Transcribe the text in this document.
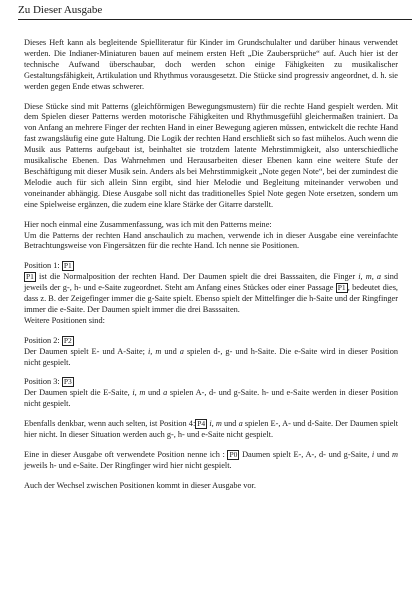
Zu Dieser Ausgabe

Dieses Heft kann als begleitende Spielliteratur für Kinder im Grundschulalter und darüber hinaus verwendet werden. Die Indianer-Miniaturen bauen auf meinem ersten Heft „Die Zaubersprüche“ auf. Auch hier ist der technische Aufwand überschaubar, doch werden schon einige Fähigkeiten zu musikalischer Gestaltungsfähigkeit, Artikulation und Rhythmus vorausgesetzt. Die Stücke sind progressiv angeordnet, d. h. sie werden gegen Ende etwas schwerer.

Diese Stücke sind mit Patterns (gleichförmigen Bewegungsmustern) für die rechte Hand gespielt werden. Mit dem Spielen dieser Patterns werden motorische Fähigkeiten und Rhythmusgefühl gleichermaßen trainiert. Da von Anfang an mehrere Finger der rechten Hand in einer Bewegung agieren müssen, entwickelt die rechte Hand fast zwangsläufig eine gute Haltung. Die Logik der rechten Hand erschließt sich so fast mühelos. Auch wenn die Musik aus Patterns aufgebaut ist, beinhaltet sie trotzdem latente Mehrstimmigkeit, also unterschiedliche musikalische Ebenen. Das Wahrnehmen und Herausarbeiten dieser Ebenen kann eine weitere Stufe der Beschäftigung mit dieser Musik sein. Anders als bei Mehrstimmigkeit „Note gegen Note“, bei der zumindest die Melodie auch für sich allein Sinn ergibt, sind hier Melodie und Begleitung miteinander verwoben und voneinander abhängig. Diese Ausgabe soll nicht das traditionelles Spiel Note gegen Note ersetzen, sondern um eine Spielweise ergänzen, die zudem eine klare Stärke der Gitarre darstellt.

Hier noch einmal eine Zusammenfassung, was ich mit den Patterns meine:
Um die Patterns der rechten Hand anschaulich zu machen, verwende ich in dieser Ausgabe eine vereinfachte Betrachtungsweise von Fingersätzen für die rechte Hand. Ich nenne sie Positionen.

Position 1: P1
P1 ist die Normalposition der rechten Hand. Der Daumen spielt die drei Basssaiten, die Finger i, m, a sind jeweils der g-, h- und e-Saite zugeordnet. Steht am Anfang eines Stückes oder einer Passage P1 , bedeutet dies, dass z. B. der Zeigefinger immer die g-Saite spielt. Ebenso spielt der Mittelfinger die h-Saite und der Ringfinger immer die e-Saite. Der Daumen spielt immer die drei Basssaiten.
Weitere Positionen sind:

Position 2: P2
Der Daumen spielt E- und A-Saite; i, m und a spielen d-, g- und h-Saite. Die e-Saite wird in dieser Position nicht gespielt.

Position 3: P3
Der Daumen spielt die E-Saite, i, m und a spielen A-, d- und g-Saite. h- und e-Saite werden in dieser Position nicht gespielt.

Ebenfalls denkbar, wenn auch selten, ist Position 4: P4 i, m und a spielen E-, A- und d-Saite. Der Daumen spielt hier nicht. In dieser Situation werden auch g-, h- und e-Saite nicht gespielt.

Eine in dieser Ausgabe oft verwendete Position nenne ich : P0 Daumen spielt E-, A-, d- und g-Saite, i und m jeweils h- und e-Saite. Der Ringfinger wird hier nicht gespielt.

Auch der Wechsel zwischen Positionen kommt in dieser Ausgabe vor.
